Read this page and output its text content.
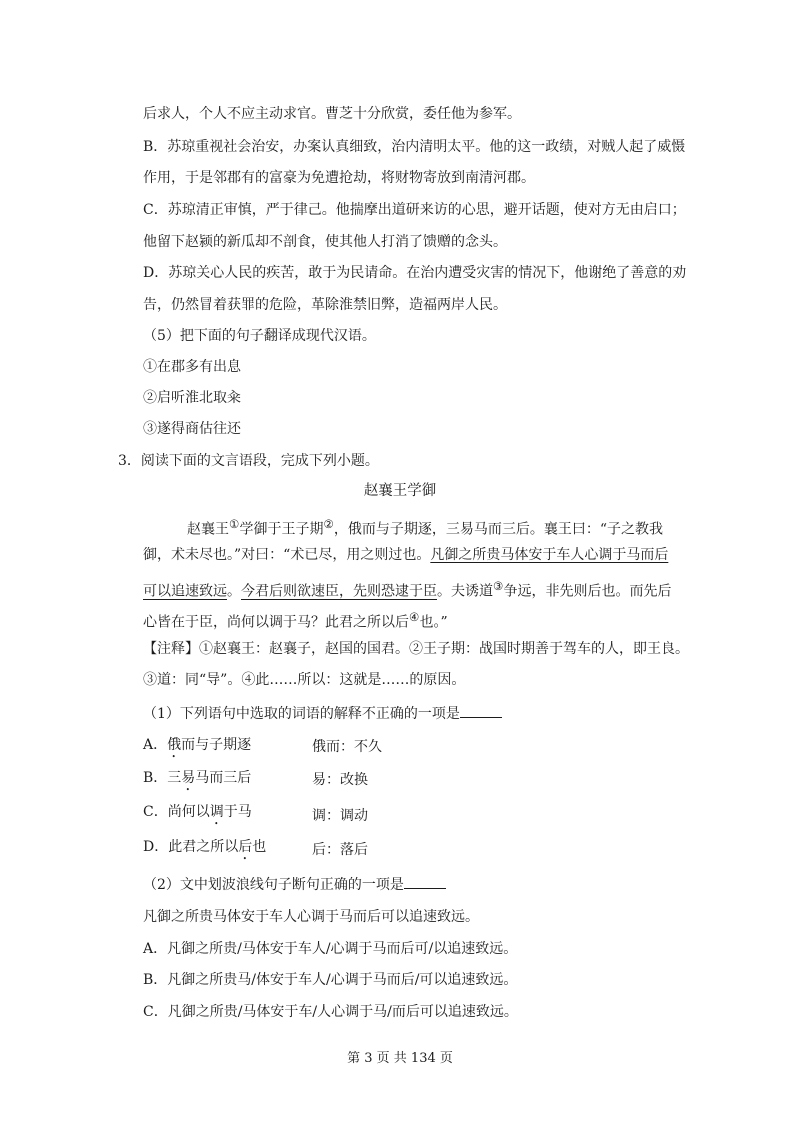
后求人，个人不应主动求官。曹芝十分欣赏，委任他为参军。
B．苏琼重视社会治安，办案认真细致，治内清明太平。他的这一政绩，对贼人起了威慑
作用，于是邻郡有的富豪为免遭抢劫，将财物寄放到南清河郡。
C．苏琼清正审慎，严于律己。他揣摩出道研来访的心思，避开话题，使对方无由启口；
他留下赵颍的新瓜却不剖食，使其他人打消了馈赠的念头。
D．苏琼关心人民的疾苦，敢于为民请命。在治内遭受灾害的情况下，他谢绝了善意的劝
告，仍然冒着获罪的危险，革除淮禁旧弊，造福两岸人民。
（5）把下面的句子翻译成现代汉语。
①在郡多有出息
②启听淮北取籴
③遂得商估往还
3．阅读下面的文言语段，完成下列小题。
赵襄王学御
赵襄王①学御于王子期②，俄而与子期逐，三易马而三后。襄王曰：“子之教我
御，术未尽也。”对曰：“术已尽，用之则过也。凡御之所贵马体安于车人心调于马而后
可以追速致远。今君后则欲速臣，先则恐逮于臣。夫诱道③争远，非先则后也。而先后
心皆在于臣，尚何以调于马？此君之所以后④也。”
【注释】①赵襄王：赵襄子，赵国的国君。②王子期：战国时期善于驾车的人，即王良。
③道：同“导”。④此……所以：这就是……的原因。
（1）下列语句中选取的词语的解释不正确的一项是
A．俄而与子期逐	俄而：不久
B．三易马而三后	易：改换
C．尚何以调于马	调：调动
D．此君之所以后也	后：落后
（2）文中划波浪线句子断句正确的一项是
凡御之所贵马体安于车人心调于马而后可以追速致远。
A．凡御之所贵/马体安于车人/心调于马而后可/以追速致远。
B．凡御之所贵马/体安于车人/心调于马而后/可以追速致远。
C．凡御之所贵/马体安于车/人心调于马/而后可以追速致远。
第 3 页 共 134 页
